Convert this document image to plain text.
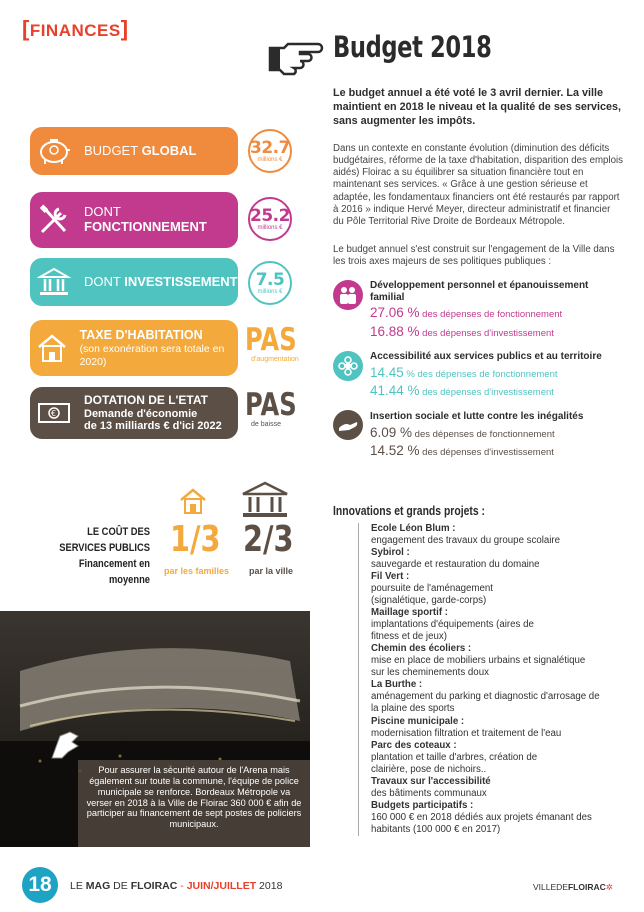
[FINANCES]
Budget 2018
Le budget annuel a été voté le 3 avril dernier. La ville maintient en 2018 le niveau et la qualité de ses services, sans augmenter les impôts.
Dans un contexte en constante évolution (diminution des déficits budgétaires, réforme de la taxe d'habitation, disparition des emplois aidés) Floirac a su équilibrer sa situation financière tout en maintenant ses services. « Grâce à une gestion sérieuse et adaptée, les fondamentaux financiers ont été restaurés par rapport à 2016 » indique Hervé Meyer, directeur administratif et financier du Pôle Territorial Rive Droite de Bordeaux Métropole.
Le budget annuel s'est construit sur l'engagement de la Ville dans les trois axes majeurs de ses politiques publiques :
BUDGET GLOBAL	32.7
millions €
DONT
FONCTIONNEMENT
25.2
millions €
DONT INVESTISSEMENT 7.5
millions €
TAXE D'HABITATION
(son exonération sera totale en 2020)
PAS
d'augmentation
€
DOTATION DE L'ETAT
Demande d'économie
de 13 milliards € d'ici 2022
PAS
de baisse
LE COÛT DES
SERVICES PUBLICS
Financement en moyenne
1/3
par les familles
2/3
par la ville
Pour assurer la sécurité autour de l'Arena mais également sur toute la commune, l'équipe de police municipale se renforce. Bordeaux Métropole va verser en 2018 à la Ville de Floirac 360 000 € afin de participer au financement de sept postes de policiers municipaux.
Développement personnel et épanouissement familial
27.06 % des dépenses de fonctionnement
16.88 % des dépenses d'investissement
Accessibilité aux services publics et au territoire
14.45 % des dépenses de fonctionnement
41.44 % des dépenses d'investissement
Insertion sociale et lutte contre les inégalités
6.09 % des dépenses de fonctionnement
14.52 % des dépenses d'investissement
Innovations et grands projets :
Ecole Léon Blum :
engagement des travaux du groupe scolaire
Sybirol :
sauvegarde et restauration du domaine
Fil Vert :
poursuite de l'aménagement (signalétique, garde-corps)
Maillage sportif :
implantations d'équipements (aires de fitness et de jeux)
Chemin des écoliers :
mise en place de mobiliers urbains et signalétique sur les cheminements doux
La Burthe :
aménagement du parking et diagnostic d'arrosage de la plaine des sports
Piscine municipale :
modernisation filtration et traitement de l'eau
Parc des coteaux :
plantation et taille d'arbres, création de clairière, pose de nichoirs..
Travaux sur l'accessibilité
des bâtiments communaux
Budgets participatifs :
160 000 € en 2018 dédiés aux projets émanant des habitants (100 000 € en 2017)
18	LE MAG DE FLOIRAC - JUIN/JUILLET 2018	VILLEDEFLOIRAC✲
